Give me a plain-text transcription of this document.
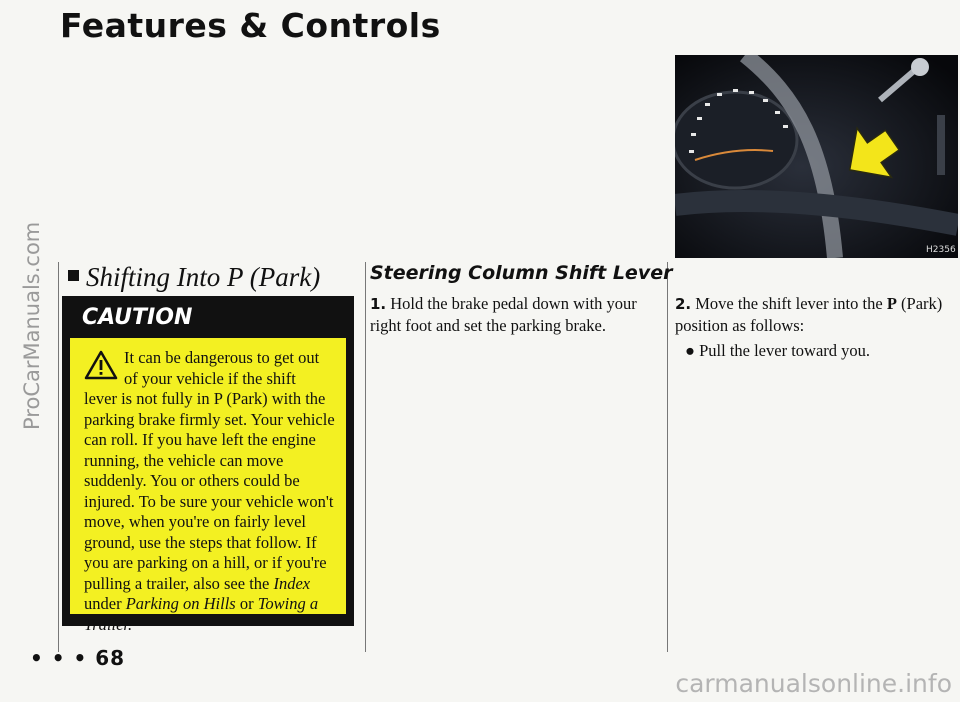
Features & Controls
ProCarManuals.com	Shifting Into P (Park)
CAUTION
It can be dangerous to get out
of your vehicle if the shift
lever is not fully in P (Park) with the parking brake firmly set. Your vehicle can roll. If you have left the engine running, the vehicle can move suddenly. You or others could be injured. To be sure your vehicle won't move, when you're on fairly level ground, use the steps that follow. If you are parking on a hill, or if you're pulling a trailer, also see the Index under Parking on Hills or Towing a Trailer.
Steering Column Shift Lever
1. Hold the brake pedal down with your right foot and set the parking brake.
H2356
2. Move the shift lever into the P (Park) position as follows:
● Pull the lever toward you.
• • • 68
carmanualsonline.info
